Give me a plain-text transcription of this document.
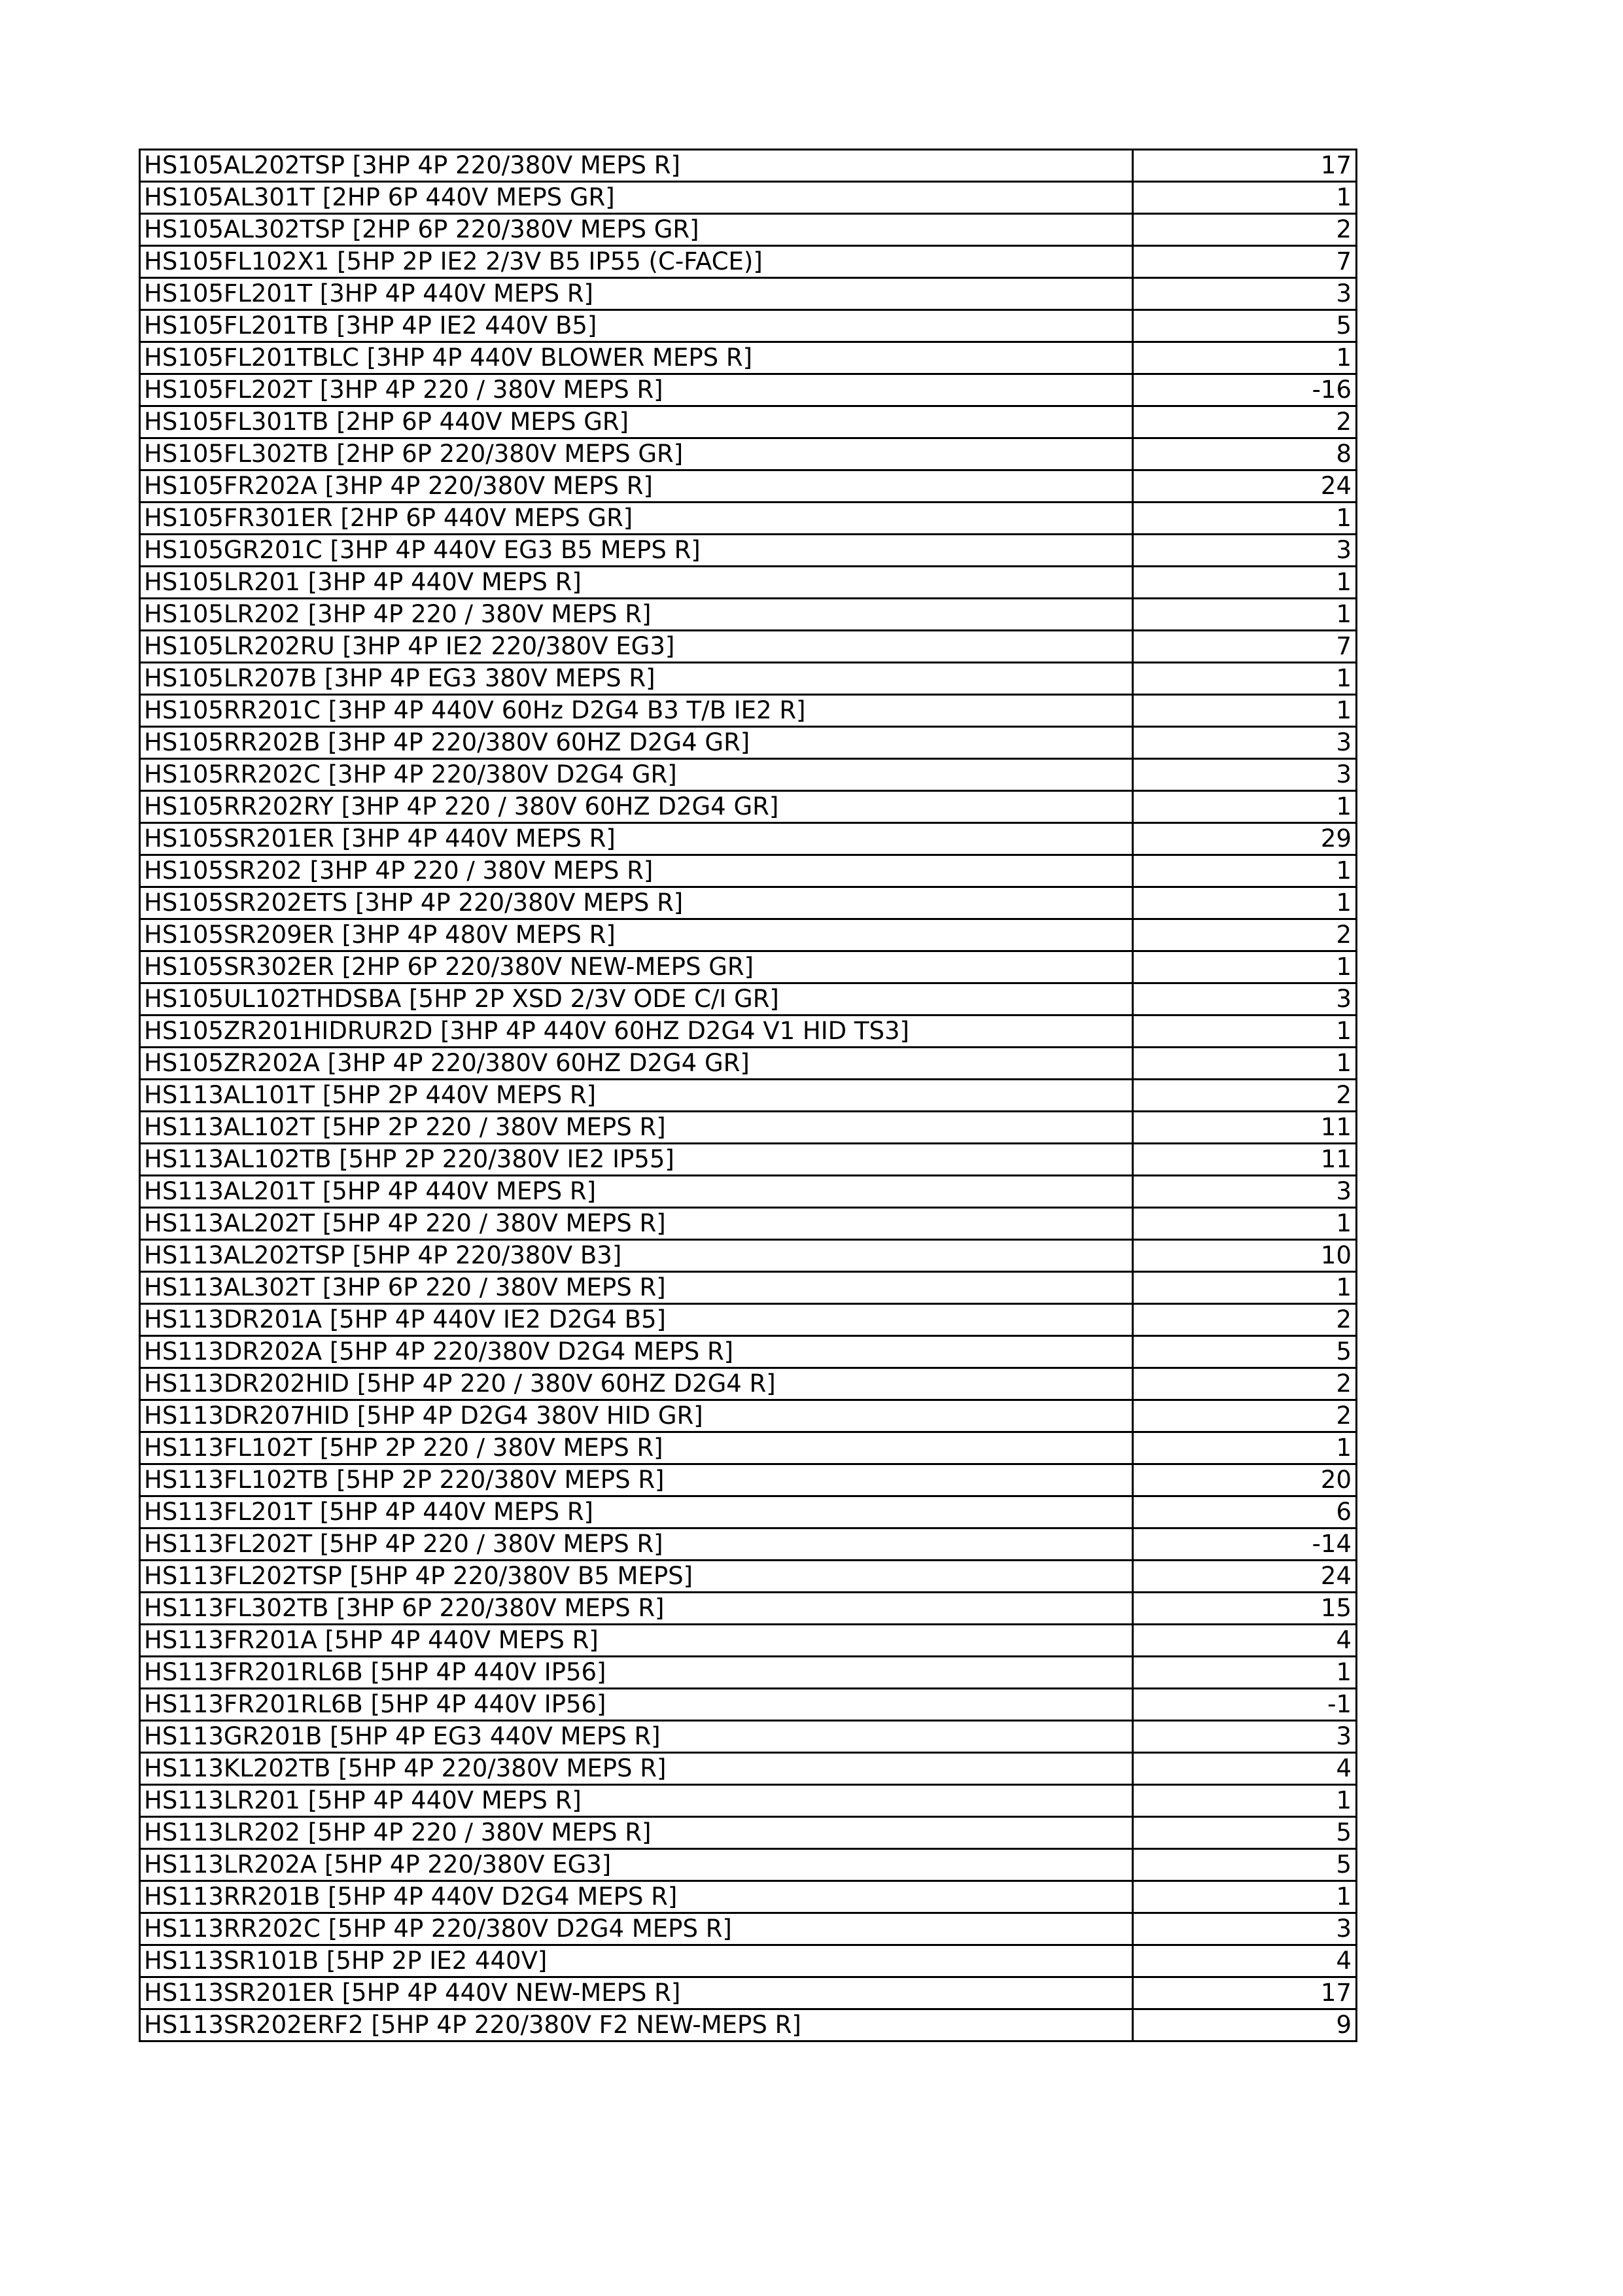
HS105AL202TSP [3HP 4P 220/380V MEPS R]	17
HS105AL301T [2HP 6P 440V MEPS GR]	1
HS105AL302TSP [2HP 6P 220/380V MEPS GR]	2
HS105FL102X1 [5HP 2P IE2 2/3V B5 IP55 (C-FACE)]	7
HS105FL201T [3HP 4P 440V MEPS R]	3
HS105FL201TB [3HP 4P IE2 440V B5]	5
HS105FL201TBLC [3HP 4P 440V BLOWER MEPS R]	1
HS105FL202T [3HP 4P 220 / 380V MEPS R]	-16
HS105FL301TB [2HP 6P 440V MEPS GR]	2
HS105FL302TB [2HP 6P 220/380V MEPS GR]	8
HS105FR202A [3HP 4P 220/380V MEPS R]	24
HS105FR301ER [2HP 6P 440V MEPS GR]	1
HS105GR201C [3HP 4P 440V EG3 B5 MEPS R]	3
HS105LR201 [3HP 4P 440V MEPS R]	1
HS105LR202 [3HP 4P 220 / 380V MEPS R]	1
HS105LR202RU [3HP 4P IE2 220/380V EG3]	7
HS105LR207B [3HP 4P EG3 380V MEPS R]	1
HS105RR201C [3HP 4P 440V 60Hz D2G4 B3 T/B IE2 R]	1
HS105RR202B [3HP 4P 220/380V 60HZ D2G4 GR]	3
HS105RR202C [3HP 4P 220/380V D2G4 GR]	3
HS105RR202RY [3HP 4P 220 / 380V 60HZ D2G4 GR]	1
HS105SR201ER [3HP 4P 440V MEPS R]	29
HS105SR202 [3HP 4P 220 / 380V MEPS R]	1
HS105SR202ETS [3HP 4P 220/380V MEPS R]	1
HS105SR209ER [3HP 4P 480V MEPS R]	2
HS105SR302ER [2HP 6P 220/380V NEW-MEPS GR]	1
HS105UL102THDSBA [5HP 2P XSD 2/3V ODE C/I GR]	3
HS105ZR201HIDRUR2D [3HP 4P 440V 60HZ D2G4 V1 HID TS3]	1
HS105ZR202A [3HP 4P 220/380V 60HZ D2G4 GR]	1
HS113AL101T [5HP 2P 440V MEPS R]	2
HS113AL102T [5HP 2P 220 / 380V MEPS R]	11
HS113AL102TB [5HP 2P 220/380V IE2 IP55]	11
HS113AL201T [5HP 4P 440V MEPS R]	3
HS113AL202T [5HP 4P 220 / 380V MEPS R]	1
HS113AL202TSP [5HP 4P 220/380V B3]	10
HS113AL302T [3HP 6P 220 / 380V MEPS R]	1
HS113DR201A [5HP 4P 440V IE2 D2G4 B5]	2
HS113DR202A [5HP 4P 220/380V D2G4 MEPS R]	5
HS113DR202HID [5HP 4P 220 / 380V 60HZ D2G4 R]	2
HS113DR207HID [5HP 4P D2G4 380V HID GR]	2
HS113FL102T [5HP 2P 220 / 380V MEPS R]	1
HS113FL102TB [5HP 2P 220/380V MEPS R]	20
HS113FL201T [5HP 4P 440V MEPS R]	6
HS113FL202T [5HP 4P 220 / 380V MEPS R]	-14
HS113FL202TSP [5HP 4P 220/380V B5 MEPS]	24
HS113FL302TB [3HP 6P 220/380V MEPS R]	15
HS113FR201A [5HP 4P 440V MEPS R]	4
HS113FR201RL6B [5HP 4P 440V IP56]	1
HS113FR201RL6B [5HP 4P 440V IP56]	-1
HS113GR201B [5HP 4P EG3 440V MEPS R]	3
HS113KL202TB [5HP 4P 220/380V MEPS R]	4
HS113LR201 [5HP 4P 440V MEPS R]	1
HS113LR202 [5HP 4P 220 / 380V MEPS R]	5
HS113LR202A [5HP 4P 220/380V EG3]	5
HS113RR201B [5HP 4P 440V D2G4 MEPS R]	1
HS113RR202C [5HP 4P 220/380V D2G4 MEPS R]	3
HS113SR101B [5HP 2P IE2 440V]	4
HS113SR201ER [5HP 4P 440V NEW-MEPS R]	17
HS113SR202ERF2 [5HP 4P 220/380V F2 NEW-MEPS R]	9
